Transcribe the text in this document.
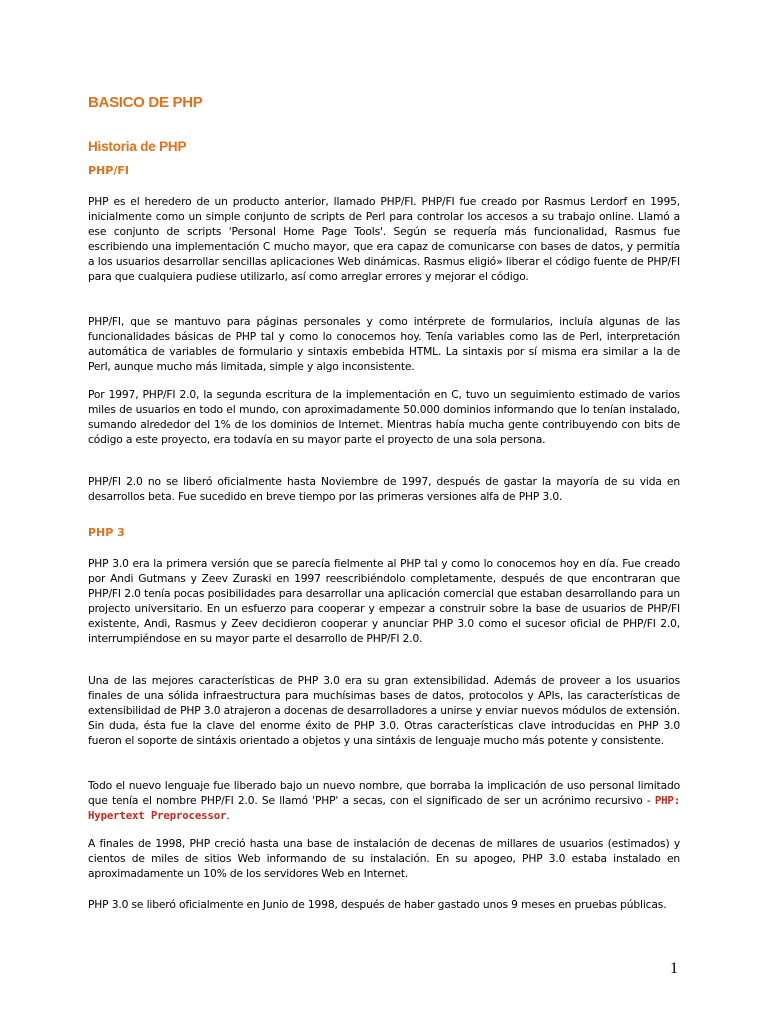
BASICO DE PHP
Historia de PHP
PHP/FI

PHP es el heredero de un producto anterior, llamado PHP/FI. PHP/FI fue creado por Rasmus Lerdorf en 1995, inicialmente como un simple conjunto de scripts de Perl para controlar los accesos a su trabajo online. Llamó a ese conjunto de scripts 'Personal Home Page Tools'. Según se requería más funcionalidad, Rasmus fue escribiendo una implementación C mucho mayor, que era capaz de comunicarse con bases de datos, y permitía a los usuarios desarrollar sencillas aplicaciones Web dinámicas. Rasmus eligió» liberar el código fuente de PHP/FI para que cualquiera pudiese utilizarlo, así como arreglar errores y mejorar el código.

PHP/FI, que se mantuvo para páginas personales y como intérprete de formularios, incluía algunas de las funcionalidades básicas de PHP tal y como lo conocemos hoy. Tenía variables como las de Perl, interpretación automática de variables de formulario y sintaxis embebida HTML. La sintaxis por sí misma era similar a la de Perl, aunque mucho más limitada, simple y algo inconsistente.

Por 1997, PHP/FI 2.0, la segunda escritura de la implementación en C, tuvo un seguimiento estimado de varios miles de usuarios en todo el mundo, con aproximadamente 50.000 dominios informando que lo tenían instalado, sumando alrededor del 1% de los dominios de Internet. Mientras había mucha gente contribuyendo con bits de código a este proyecto, era todavía en su mayor parte el proyecto de una sola persona.

PHP/FI 2.0 no se liberó oficialmente hasta Noviembre de 1997, después de gastar la mayoría de su vida en desarrollos beta. Fue sucedido en breve tiempo por las primeras versiones alfa de PHP 3.0.

PHP 3

PHP 3.0 era la primera versión que se parecía fielmente al PHP tal y como lo conocemos hoy en día. Fue creado por Andi Gutmans y Zeev Zuraski en 1997 reescribiéndolo completamente, después de que encontraran que PHP/FI 2.0 tenía pocas posibilidades para desarrollar una aplicación comercial que estaban desarrollando para un projecto universitario. En un esfuerzo para cooperar y empezar a construir sobre la base de usuarios de PHP/FI existente, Andi, Rasmus y Zeev decidieron cooperar y anunciar PHP 3.0 como el sucesor oficial de PHP/FI 2.0, interrumpiéndose en su mayor parte el desarrollo de PHP/FI 2.0.

Una de las mejores características de PHP 3.0 era su gran extensibilidad. Además de proveer a los usuarios finales de una sólida infraestructura para muchísimas bases de datos, protocolos y APIs, las características de extensibilidad de PHP 3.0 atrajeron a docenas de desarrolladores a unirse y enviar nuevos módulos de extensión. Sin duda, ésta fue la clave del enorme éxito de PHP 3.0. Otras características clave introducidas en PHP 3.0 fueron el soporte de sintáxis orientado a objetos y una sintáxis de lenguaje mucho más potente y consistente.

Todo el nuevo lenguaje fue liberado bajo un nuevo nombre, que borraba la implicación de uso personal limitado que tenía el nombre PHP/FI 2.0. Se llamó 'PHP' a secas, con el significado de ser un acrónimo recursivo - PHP: Hypertext Preprocessor.

A finales de 1998, PHP creció hasta una base de instalación de decenas de millares de usuarios (estimados) y cientos de miles de sitios Web informando de su instalación. En su apogeo, PHP 3.0 estaba instalado en aproximadamente un 10% de los servidores Web en Internet.

PHP 3.0 se liberó oficialmente en Junio de 1998, después de haber gastado unos 9 meses en pruebas públicas.

1
